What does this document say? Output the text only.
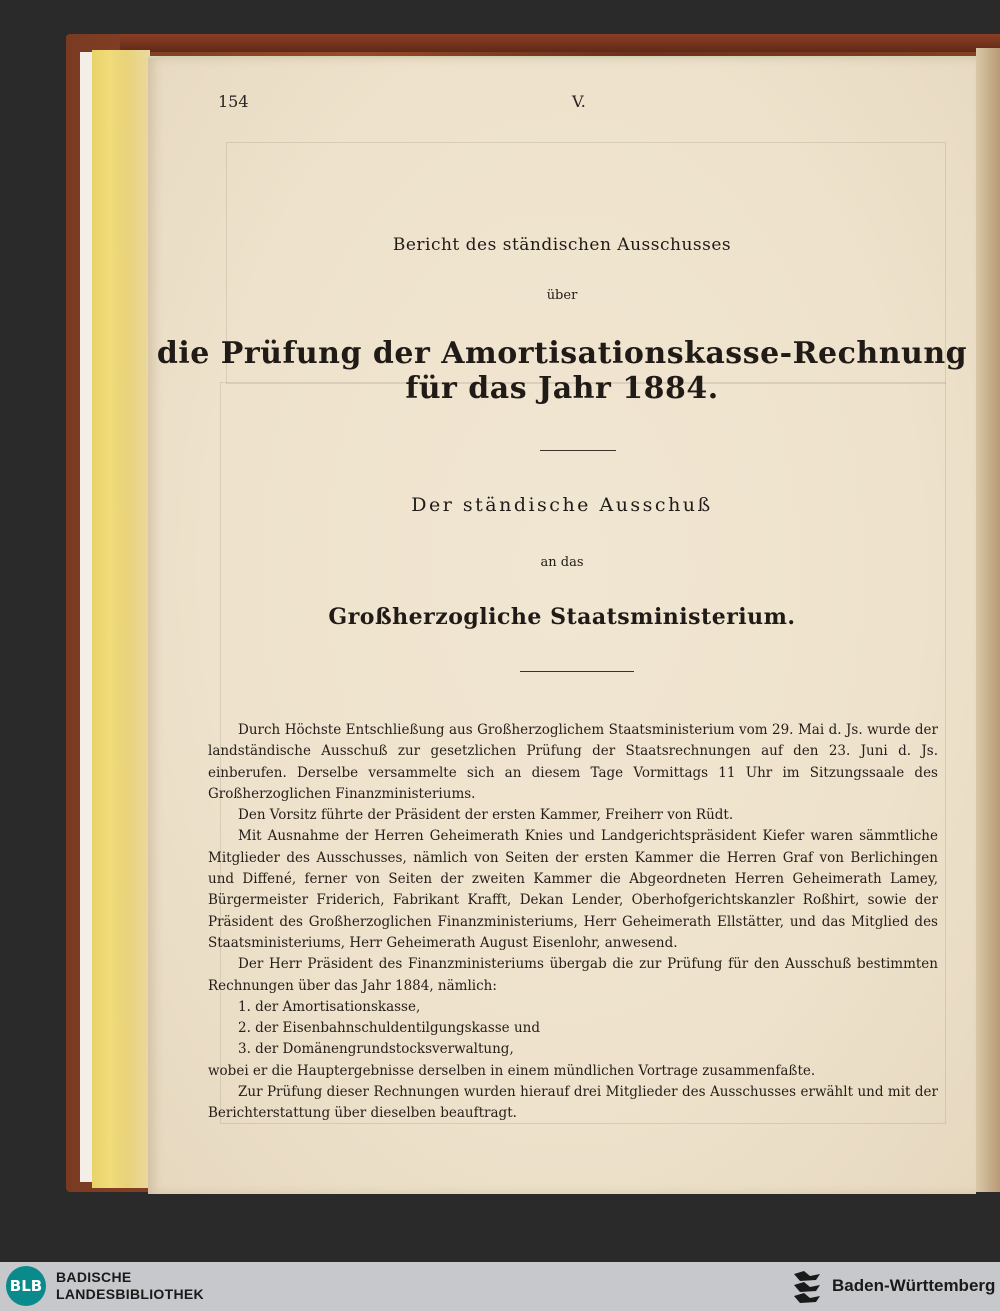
154	V.
Bericht des ständischen Ausschusses
über
die Prüfung der Amortisationskasse-Rechnung
für das Jahr 1884.
Der ständische Ausschuß
an das
Großherzogliche Staatsministerium.

Durch Höchste Entschließung aus Großherzoglichem Staatsministerium vom 29. Mai d. Js. wurde der landständische Ausschuß zur gesetzlichen Prüfung der Staatsrechnungen auf den 23. Juni d. Js. einberufen. Derselbe versammelte sich an diesem Tage Vormittags 11 Uhr im Sitzungssaale des Großherzoglichen Finanzministeriums.

Den Vorsitz führte der Präsident der ersten Kammer, Freiherr von Rüdt.

Mit Ausnahme der Herren Geheimerath Knies und Landgerichtspräsident Kiefer waren sämmtliche Mitglieder des Ausschusses, nämlich von Seiten der ersten Kammer die Herren Graf von Berlichingen und Diffené, ferner von Seiten der zweiten Kammer die Abgeordneten Herren Geheimerath Lamey, Bürgermeister Friderich, Fabrikant Krafft, Dekan Lender, Oberhofgerichtskanzler Roßhirt, sowie der Präsident des Großherzoglichen Finanzministeriums, Herr Geheimerath Ellstätter, und das Mitglied des Staatsministeriums, Herr Geheimerath August Eisenlohr, anwesend.

Der Herr Präsident des Finanzministeriums übergab die zur Prüfung für den Ausschuß bestimmten Rechnungen über das Jahr 1884, nämlich:

1. der Amortisationskasse,

2. der Eisenbahnschuldentilgungskasse und

3. der Domänengrundstocksverwaltung,

wobei er die Hauptergebnisse derselben in einem mündlichen Vortrage zusammenfaßte.

Zur Prüfung dieser Rechnungen wurden hierauf drei Mitglieder des Ausschusses erwählt und mit der Berichterstattung über dieselben beauftragt.

BLB BADISCHE
LANDESBIBLIOTHEK	Baden-Württemberg
